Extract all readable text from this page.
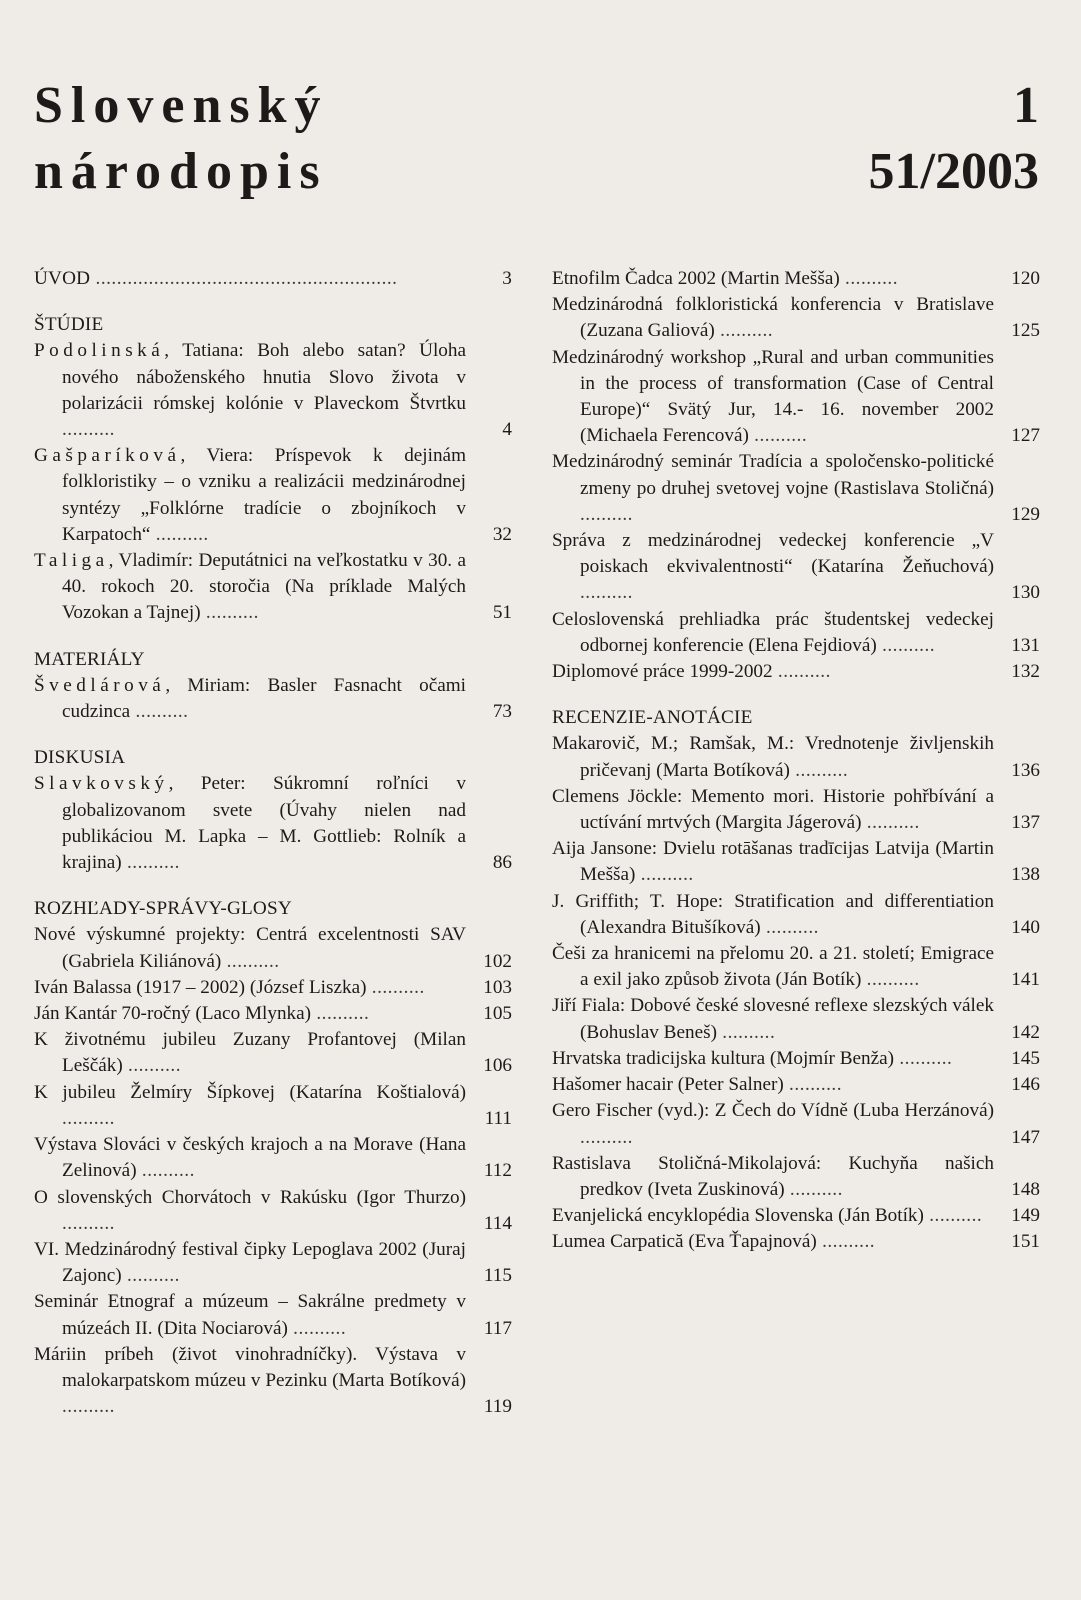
Slovenský
národopis
1
51/2003
ÚVOD .........................................................	3
ŠTÚDIE
Podolinská, Tatiana: Boh alebo satan? Úloha nového náboženského hnutia Slovo života v polarizácii rómskej kolónie v Plaveckom Štvrtku ..........	4
Gašparíková, Viera: Príspevok k dejinám folkloristiky – o vzniku a realizácii medzinárodnej syntézy „Folklórne tradície o zbojníkoch v Karpatoch“ ..........	32
Taliga, Vladimír: Deputátnici na veľkostatku v 30. a 40. rokoch 20. storočia (Na príklade Malých Vozokan a Tajnej) ..........	51
MATERIÁLY
Švedlárová, Miriam: Basler Fasnacht očami cudzinca ..........	73
DISKUSIA
Slavkovský, Peter: Súkromní roľníci v globalizovanom svete (Úvahy nielen nad publikáciou M. Lapka – M. Gottlieb: Rolník a krajina) ..........	86
ROZHĽADY-SPRÁVY-GLOSY
Nové výskumné projekty: Centrá excelentnosti SAV (Gabriela Kiliánová) ..........	102
Iván Balassa (1917 – 2002) (József Liszka) ..........	103
Ján Kantár 70-ročný (Laco Mlynka) ..........	105
K životnému jubileu Zuzany Profantovej (Milan Leščák) ..........	106
K jubileu Želmíry Šípkovej (Katarína Koštialová) ..........	111
Výstava Slováci v českých krajoch a na Morave (Hana Zelinová) ..........	112
O slovenských Chorvátoch v Rakúsku (Igor Thurzo) ..........	114
VI. Medzinárodný festival čipky Lepoglava 2002 (Juraj Zajonc) ..........	115
Seminár Etnograf a múzeum – Sakrálne predmety v múzeách II. (Dita Nociarová) ..........	117
Máriin príbeh (život vinohradníčky). Výstava v malokarpatskom múzeu v Pezinku (Marta Botíková) ..........	119
Etnofilm Čadca 2002 (Martin Mešša) ..........	120
Medzinárodná folkloristická konferencia v Bratislave (Zuzana Galiová) ..........	125
Medzinárodný workshop „Rural and urban communities in the process of transformation (Case of Central Europe)“ Svätý Jur, 14.- 16. november 2002 (Michaela Ferencová) ..........	127
Medzinárodný seminár Tradícia a spoločensko-politické zmeny po druhej svetovej vojne (Rastislava Stoličná) ..........	129
Správa z medzinárodnej vedeckej konferencie „V poiskach ekvivalentnosti“ (Katarína Žeňuchová) ..........	130
Celoslovenská prehliadka prác študentskej vedeckej odbornej konferencie (Elena Fejdiová) ..........	131
Diplomové práce 1999-2002 ..........	132
RECENZIE-ANOTÁCIE
Makarovič, M.; Ramšak, M.: Vrednotenje življenskih pričevanj (Marta Botíková) ..........	136
Clemens Jöckle: Memento mori. Historie pohřbívání a uctívání mrtvých (Margita Jágerová) ..........	137
Aija Jansone: Dvielu rotāšanas tradīcijas Latvija (Martin Mešša) ..........	138
J. Griffith; T. Hope: Stratification and differentiation (Alexandra Bitušíková) ..........	140
Češi za hranicemi na přelomu 20. a 21. století; Emigrace a exil jako způsob života (Ján Botík) ..........	141
Jiří Fiala: Dobové české slovesné reflexe slezských válek (Bohuslav Beneš) ..........	142
Hrvatska tradicijska kultura (Mojmír Benža) ..........	145
Hašomer hacair (Peter Salner) ..........	146
Gero Fischer (vyd.): Z Čech do Vídně (Luba Herzánová) ..........	147
Rastislava Stoličná-Mikolajová: Kuchyňa našich predkov (Iveta Zuskinová) ..........	148
Evanjelická encyklopédia Slovenska (Ján Botík) ..........	149
Lumea Carpatică (Eva Ťapajnová) ..........	151
